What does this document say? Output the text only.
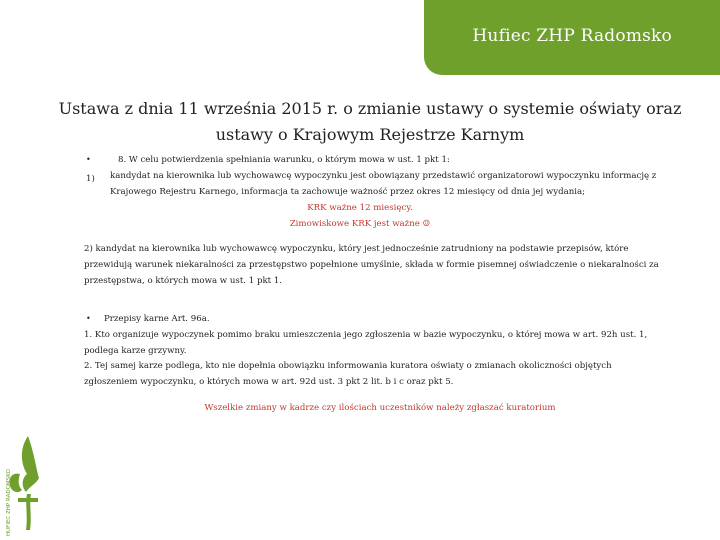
Hufiec ZHP Radomsko
Ustawa z dnia 11 września 2015 r. o zmianie ustawy o systemie oświaty oraz
ustawy o Krajowym Rejestrze Karnym
•
1)
8. W celu potwierdzenia spełniania warunku, o którym mowa w ust. 1 pkt 1:
kandydat na kierownika lub wychowawcę wypoczynku jest obowiązany przedstawić organizatorowi wypoczynku informację z
Krajowego Rejestru Karnego, informacja ta zachowuje ważność przez okres 12 miesięcy od dnia jej wydania;
KRK ważne 12 miesięcy.
Zimowiskowe KRK jest ważne ☺
2) kandydat na kierownika lub wychowawcę wypoczynku, który jest jednocześnie zatrudniony na podstawie przepisów, które
przewidują warunek niekaralności za przestępstwo popełnione umyślnie, składa w formie pisemnej oświadczenie o niekaralności za
przestępstwa, o których mowa w ust. 1 pkt 1.
• Przepisy karne Art. 96a.
1. Kto organizuje wypoczynek pomimo braku umieszczenia jego zgłoszenia w bazie wypoczynku, o której mowa w art. 92h ust. 1,
podlega karze grzywny.
2. Tej samej karze podlega, kto nie dopełnia obowiązku informowania kuratora oświaty o zmianach okoliczności objętych
zgłoszeniem wypoczynku, o których mowa w art. 92d ust. 3 pkt 2 lit. b i c oraz pkt 5.
Wszelkie zmiany w kadrze czy ilościach uczestników należy zgłaszać kuratorium
HUFIEC ZHP RADOMSKO
